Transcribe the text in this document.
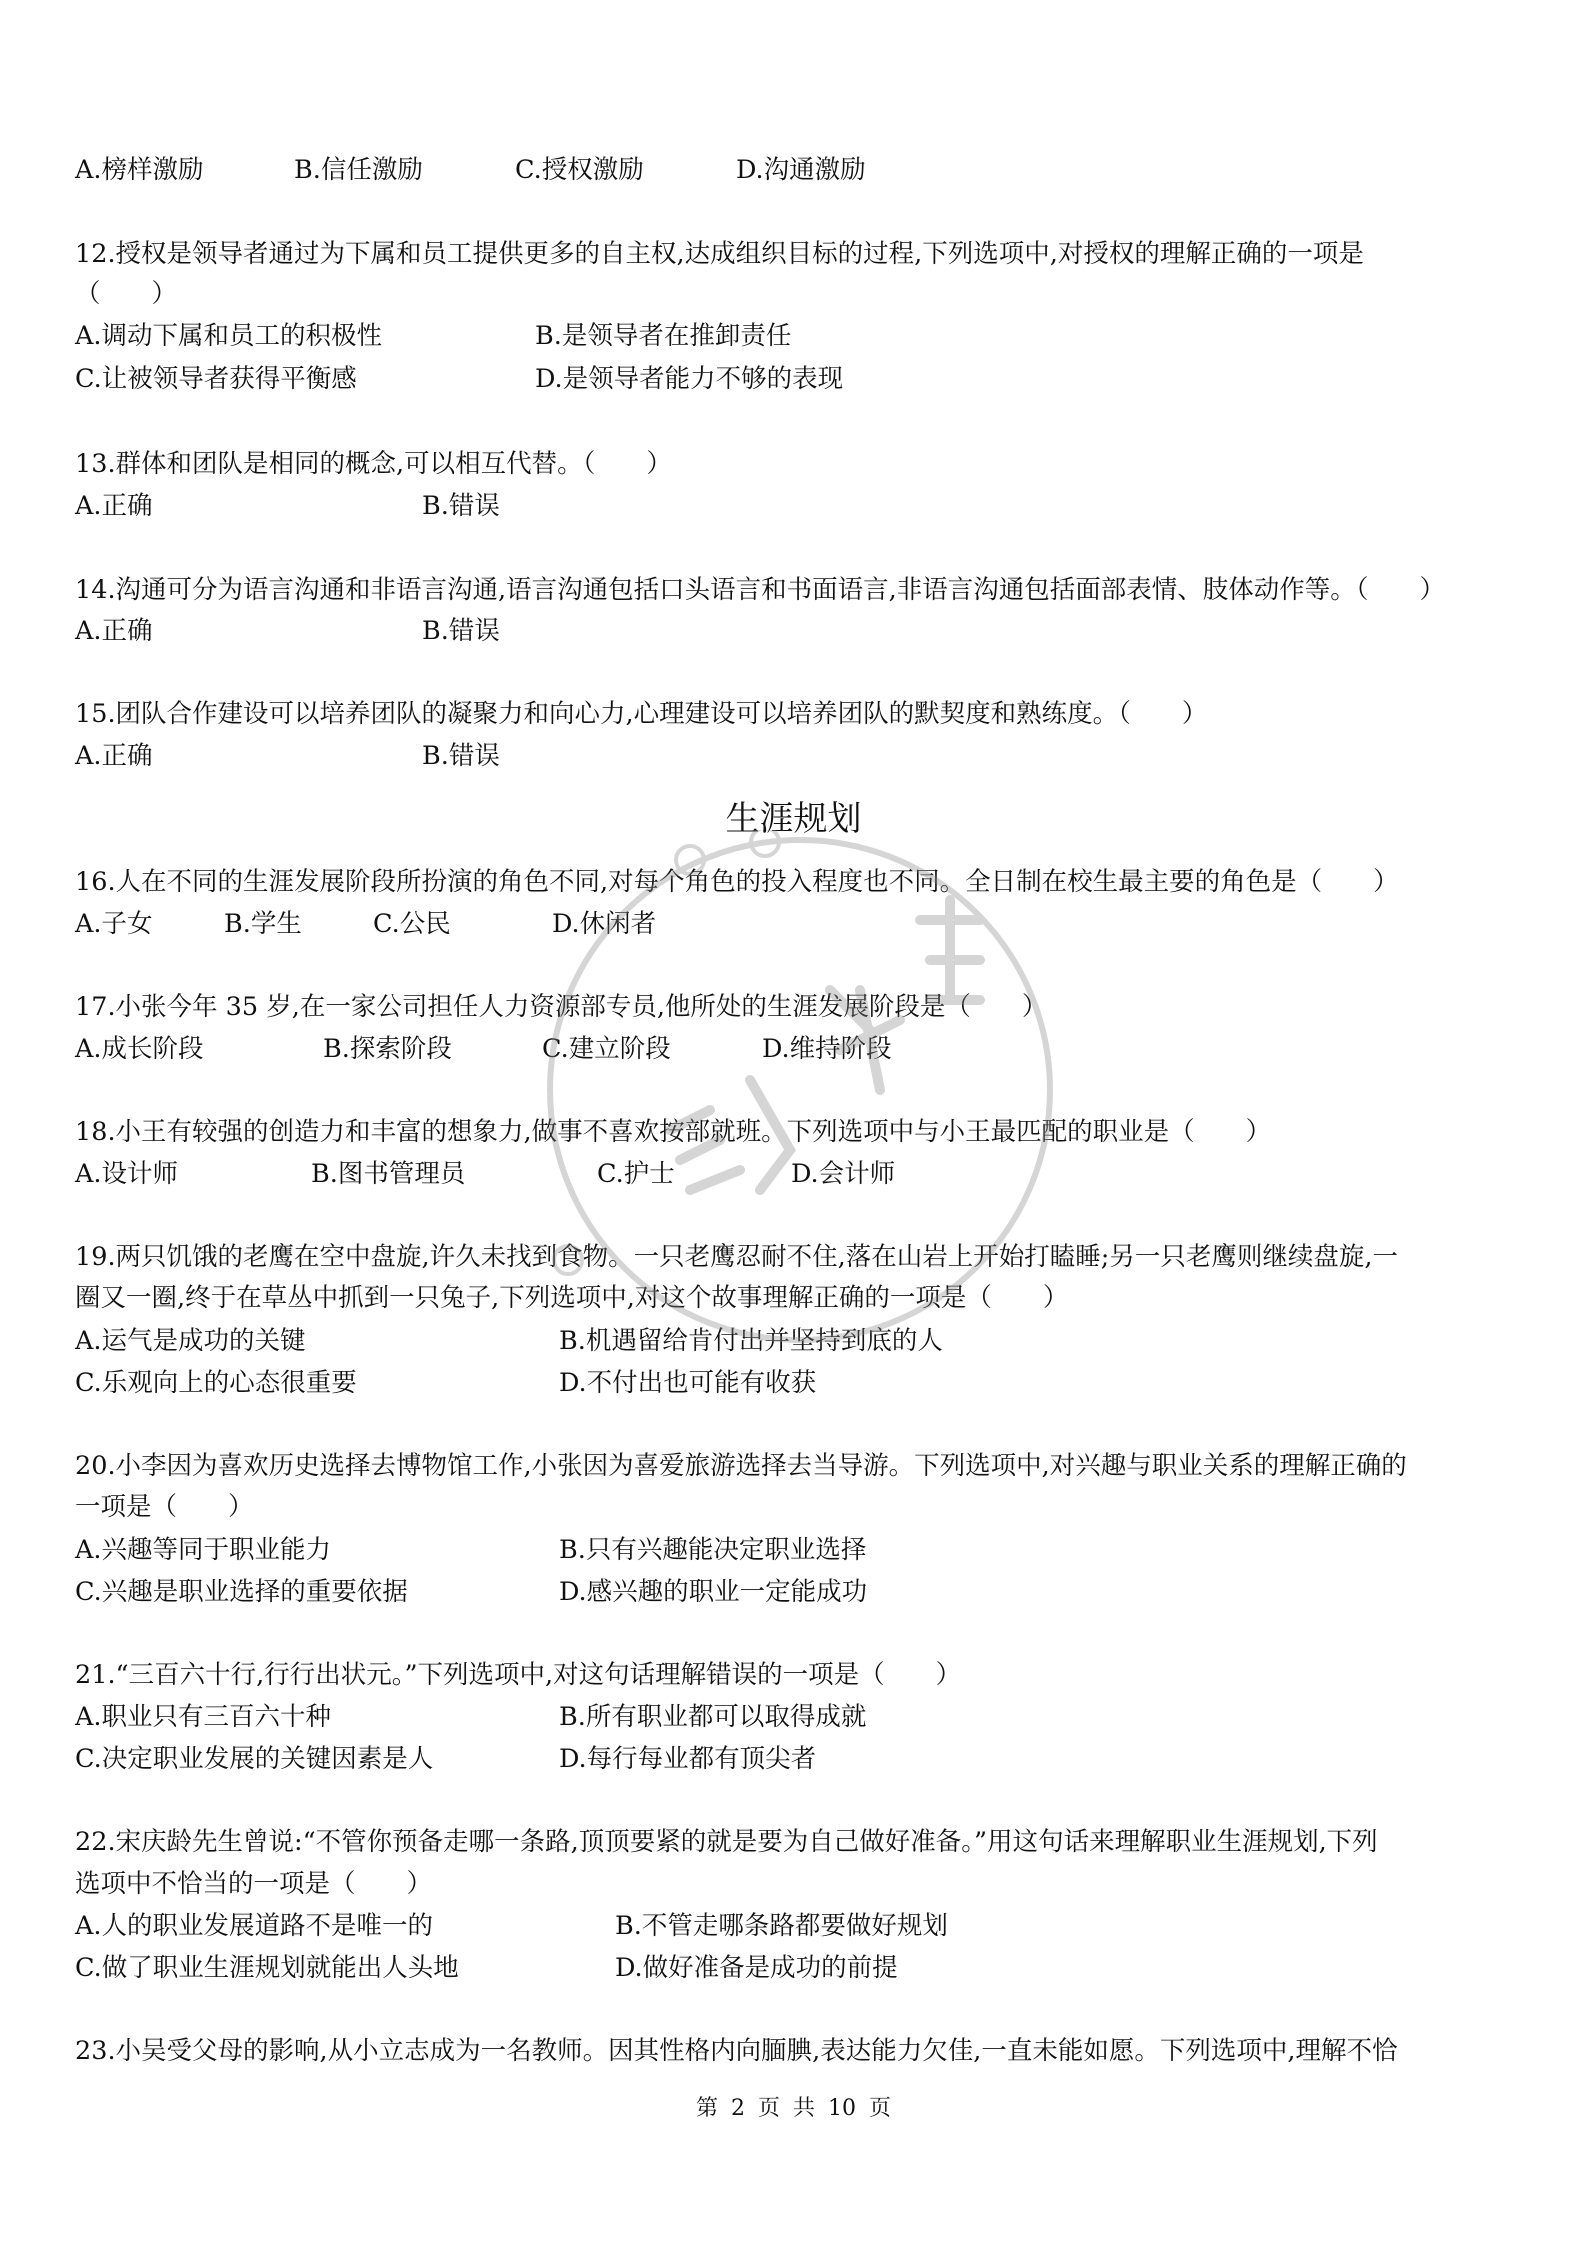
A.榜样激励	B.信任激励	C.授权激励	D.沟通激励
12.授权是领导者通过为下属和员工提供更多的自主权,达成组织目标的过程,下列选项中,对授权的理解正确的一项是
（　　）
A.调动下属和员工的积极性	B.是领导者在推卸责任
C.让被领导者获得平衡感	D.是领导者能力不够的表现
13.群体和团队是相同的概念,可以相互代替。（　　）
A.正确	B.错误
14.沟通可分为语言沟通和非语言沟通,语言沟通包括口头语言和书面语言,非语言沟通包括面部表情、肢体动作等。（　　）
A.正确	B.错误
15.团队合作建设可以培养团队的凝聚力和向心力,心理建设可以培养团队的默契度和熟练度。（　　）
A.正确	B.错误
生涯规划
16.人在不同的生涯发展阶段所扮演的角色不同,对每个角色的投入程度也不同。全日制在校生最主要的角色是（　　）
A.子女	B.学生	C.公民	D.休闲者
17.小张今年 35 岁,在一家公司担任人力资源部专员,他所处的生涯发展阶段是（　　）
A.成长阶段	B.探索阶段	C.建立阶段	D.维持阶段
18.小王有较强的创造力和丰富的想象力,做事不喜欢按部就班。下列选项中与小王最匹配的职业是（　　）
A.设计师	B.图书管理员	C.护士	D.会计师
19.两只饥饿的老鹰在空中盘旋,许久未找到食物。一只老鹰忍耐不住,落在山岩上开始打瞌睡;另一只老鹰则继续盘旋,一
圈又一圈,终于在草丛中抓到一只兔子,下列选项中,对这个故事理解正确的一项是（　　）
A.运气是成功的关键	B.机遇留给肯付出并坚持到底的人
C.乐观向上的心态很重要	D.不付出也可能有收获
20.小李因为喜欢历史选择去博物馆工作,小张因为喜爱旅游选择去当导游。下列选项中,对兴趣与职业关系的理解正确的
一项是（　　）
A.兴趣等同于职业能力	B.只有兴趣能决定职业选择
C.兴趣是职业选择的重要依据	D.感兴趣的职业一定能成功
21.“三百六十行,行行出状元。”下列选项中,对这句话理解错误的一项是（　　）
A.职业只有三百六十种	B.所有职业都可以取得成就
C.决定职业发展的关键因素是人	D.每行每业都有顶尖者
22.宋庆龄先生曾说:“不管你预备走哪一条路,顶顶要紧的就是要为自己做好准备。”用这句话来理解职业生涯规划,下列
选项中不恰当的一项是（　　）
A.人的职业发展道路不是唯一的	B.不管走哪条路都要做好规划
C.做了职业生涯规划就能出人头地	D.做好准备是成功的前提
23.小吴受父母的影响,从小立志成为一名教师。因其性格内向腼腆,表达能力欠佳,一直未能如愿。下列选项中,理解不恰
第 2 页 共 10 页
